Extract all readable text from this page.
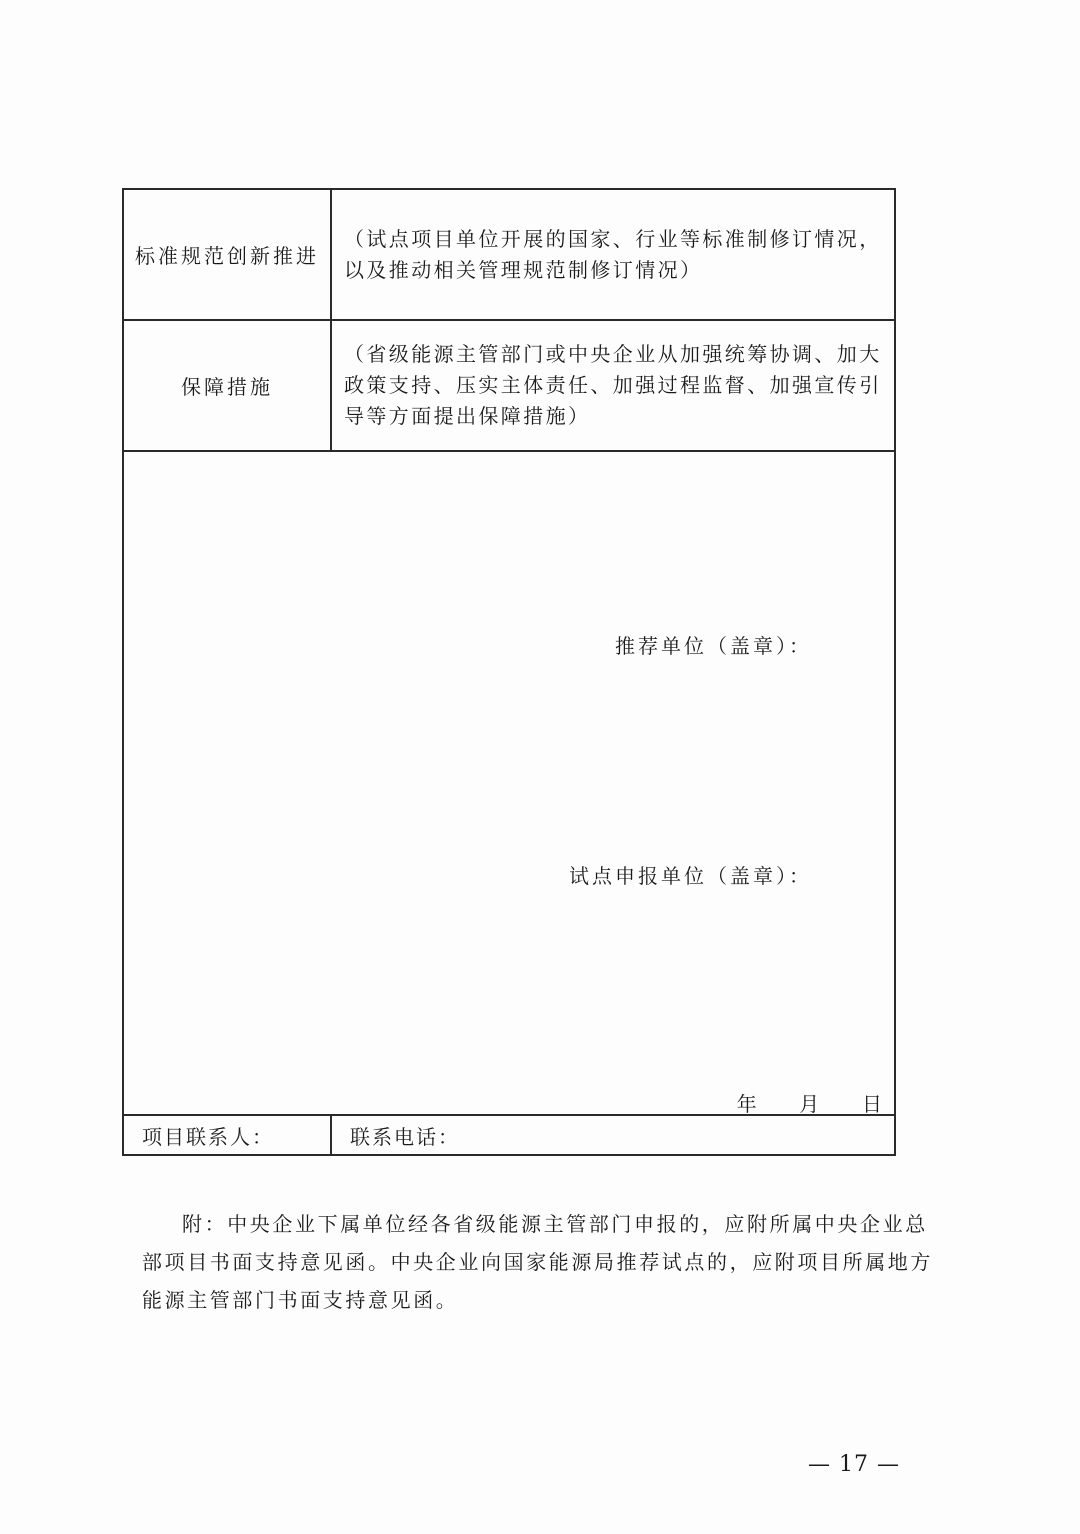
标准规范创新推进	（试点项目单位开展的国家、行业等标准制修订情况，以及推动相关管理规范制修订情况）
保障措施	（省级能源主管部门或中央企业从加强统筹协调、加大政策支持、压实主体责任、加强过程监督、加强宣传引导等方面提出保障措施）

推荐单位（盖章）：
试点申报单位（盖章）：
年 月 日	

项目联系人：	联系电话：
附：中央企业下属单位经各省级能源主管部门申报的，应附所属中央企业总部项目书面支持意见函。中央企业向国家能源局推荐试点的，应附项目所属地方能源主管部门书面支持意见函。
— 17 —
